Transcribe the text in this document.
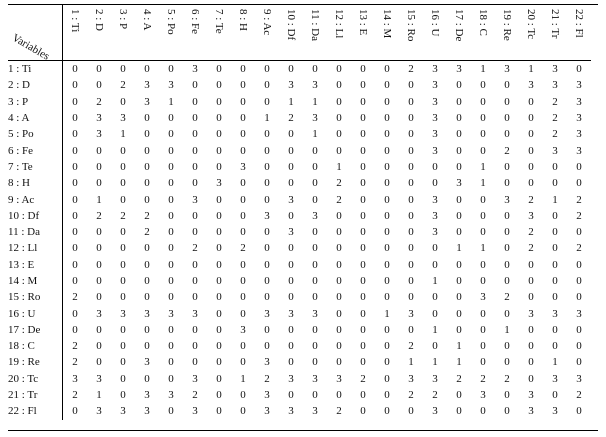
Variables	1 : Ti	2 : D	3 : P	4 : A	5 : Po	6 : Fe	7 : Te	8 : H	9 : Ac	10 : Df	11 : Da	12 : Ll	13 : E	14 : M	15 : Ro	16 : U	17 : De	18 : C	19 : Re	20 : Tc	21 : Tr	22 : Fl

1 : Ti	0	0	0	0	0	3	0	0	0	0	0	0	0	0	2	3	3	1	3	1	3	0
2 : D	0	0	2	3	3	0	0	0	0	3	3	0	0	0	0	3	0	0	0	3	3	3
3 : P	0	2	0	3	1	0	0	0	0	1	1	0	0	0	0	3	0	0	0	0	2	3
4 : A	0	3	3	0	0	0	0	0	1	2	3	0	0	0	0	3	0	0	0	0	2	3
5 : Po	0	3	1	0	0	0	0	0	0	0	1	0	0	0	0	3	0	0	0	0	2	3
6 : Fe	0	0	0	0	0	0	0	0	0	0	0	0	0	0	0	3	0	0	2	0	3	3
7 : Te	0	0	0	0	0	0	0	3	0	0	0	1	0	0	0	0	0	1	0	0	0	0
8 : H	0	0	0	0	0	0	3	0	0	0	0	2	0	0	0	0	3	1	0	0	0	0
9 : Ac	0	1	0	0	0	3	0	0	0	3	0	2	0	0	0	3	0	0	3	2	1	2
10 : Df	0	2	2	2	0	0	0	0	3	0	3	0	0	0	0	3	0	0	0	3	0	2
11 : Da	0	0	0	2	0	0	0	0	0	3	0	0	0	0	0	3	0	0	0	2	0	0
12 : Ll	0	0	0	0	0	2	0	2	0	0	0	0	0	0	0	0	1	1	0	2	0	2
13 : E	0	0	0	0	0	0	0	0	0	0	0	0	0	0	0	0	0	0	0	0	0	0
14 : M	0	0	0	0	0	0	0	0	0	0	0	0	0	0	0	1	0	0	0	0	0	0
15 : Ro	2	0	0	0	0	0	0	0	0	0	0	0	0	0	0	0	0	3	2	0	0	0
16 : U	0	3	3	3	3	3	0	0	3	3	3	0	0	1	3	0	0	0	0	3	3	3
17 : De	0	0	0	0	0	0	0	3	0	0	0	0	0	0	0	1	0	0	1	0	0	0
18 : C	2	0	0	0	0	0	0	0	0	0	0	0	0	0	2	0	1	0	0	0	0	0
19 : Re	2	0	0	3	0	0	0	0	3	0	0	0	0	0	1	1	1	0	0	0	1	0
20 : Tc	3	3	0	0	0	3	0	1	2	3	3	3	2	0	3	3	2	2	2	0	3	3
21 : Tr	2	1	0	3	3	2	0	0	3	0	0	0	0	0	2	2	0	3	0	3	0	2
22 : Fl	0	3	3	3	0	3	0	0	3	3	3	2	0	0	0	3	0	0	0	3	3	0
